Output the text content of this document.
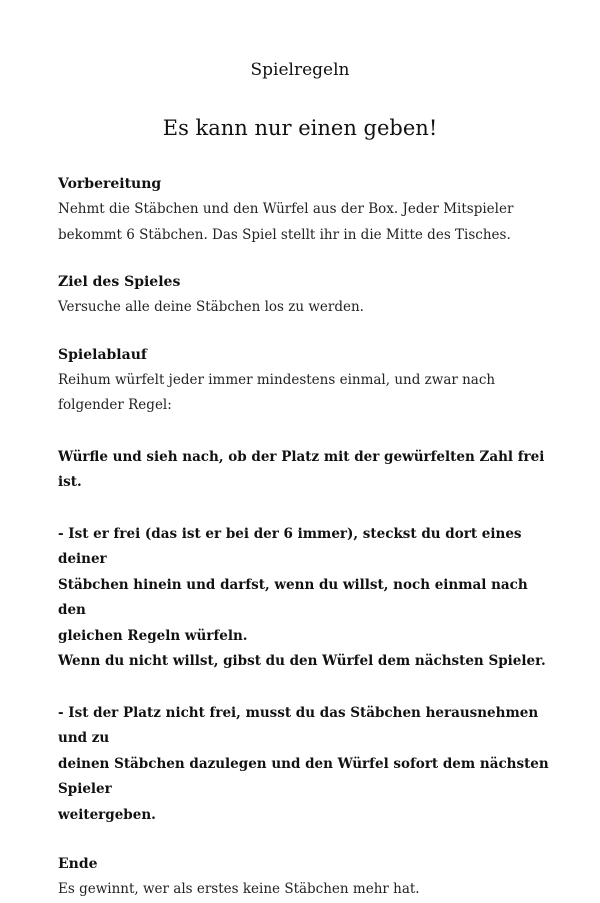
Spielregeln
Es kann nur einen geben!

Vorbereitung

Nehmt die Stäbchen und den Würfel aus der Box. Jeder Mitspieler

bekommt 6 Stäbchen. Das Spiel stellt ihr in die Mitte des Tisches.

Ziel des Spieles

Versuche alle deine Stäbchen los zu werden.

Spielablauf

Reihum würfelt jeder immer mindestens einmal, und zwar nach

folgender Regel:

Würfle und sieh nach, ob der Platz mit der gewürfelten Zahl frei ist.

- Ist er frei (das ist er bei der 6 immer), steckst du dort eines deiner

Stäbchen hinein und darfst, wenn du willst, noch einmal nach den

gleichen Regeln würfeln.

Wenn du nicht willst, gibst du den Würfel dem nächsten Spieler.

- Ist der Platz nicht frei, musst du das Stäbchen herausnehmen und zu

deinen Stäbchen dazulegen und den Würfel sofort dem nächsten Spieler

weitergeben.

Ende

Es gewinnt, wer als erstes keine Stäbchen mehr hat.
